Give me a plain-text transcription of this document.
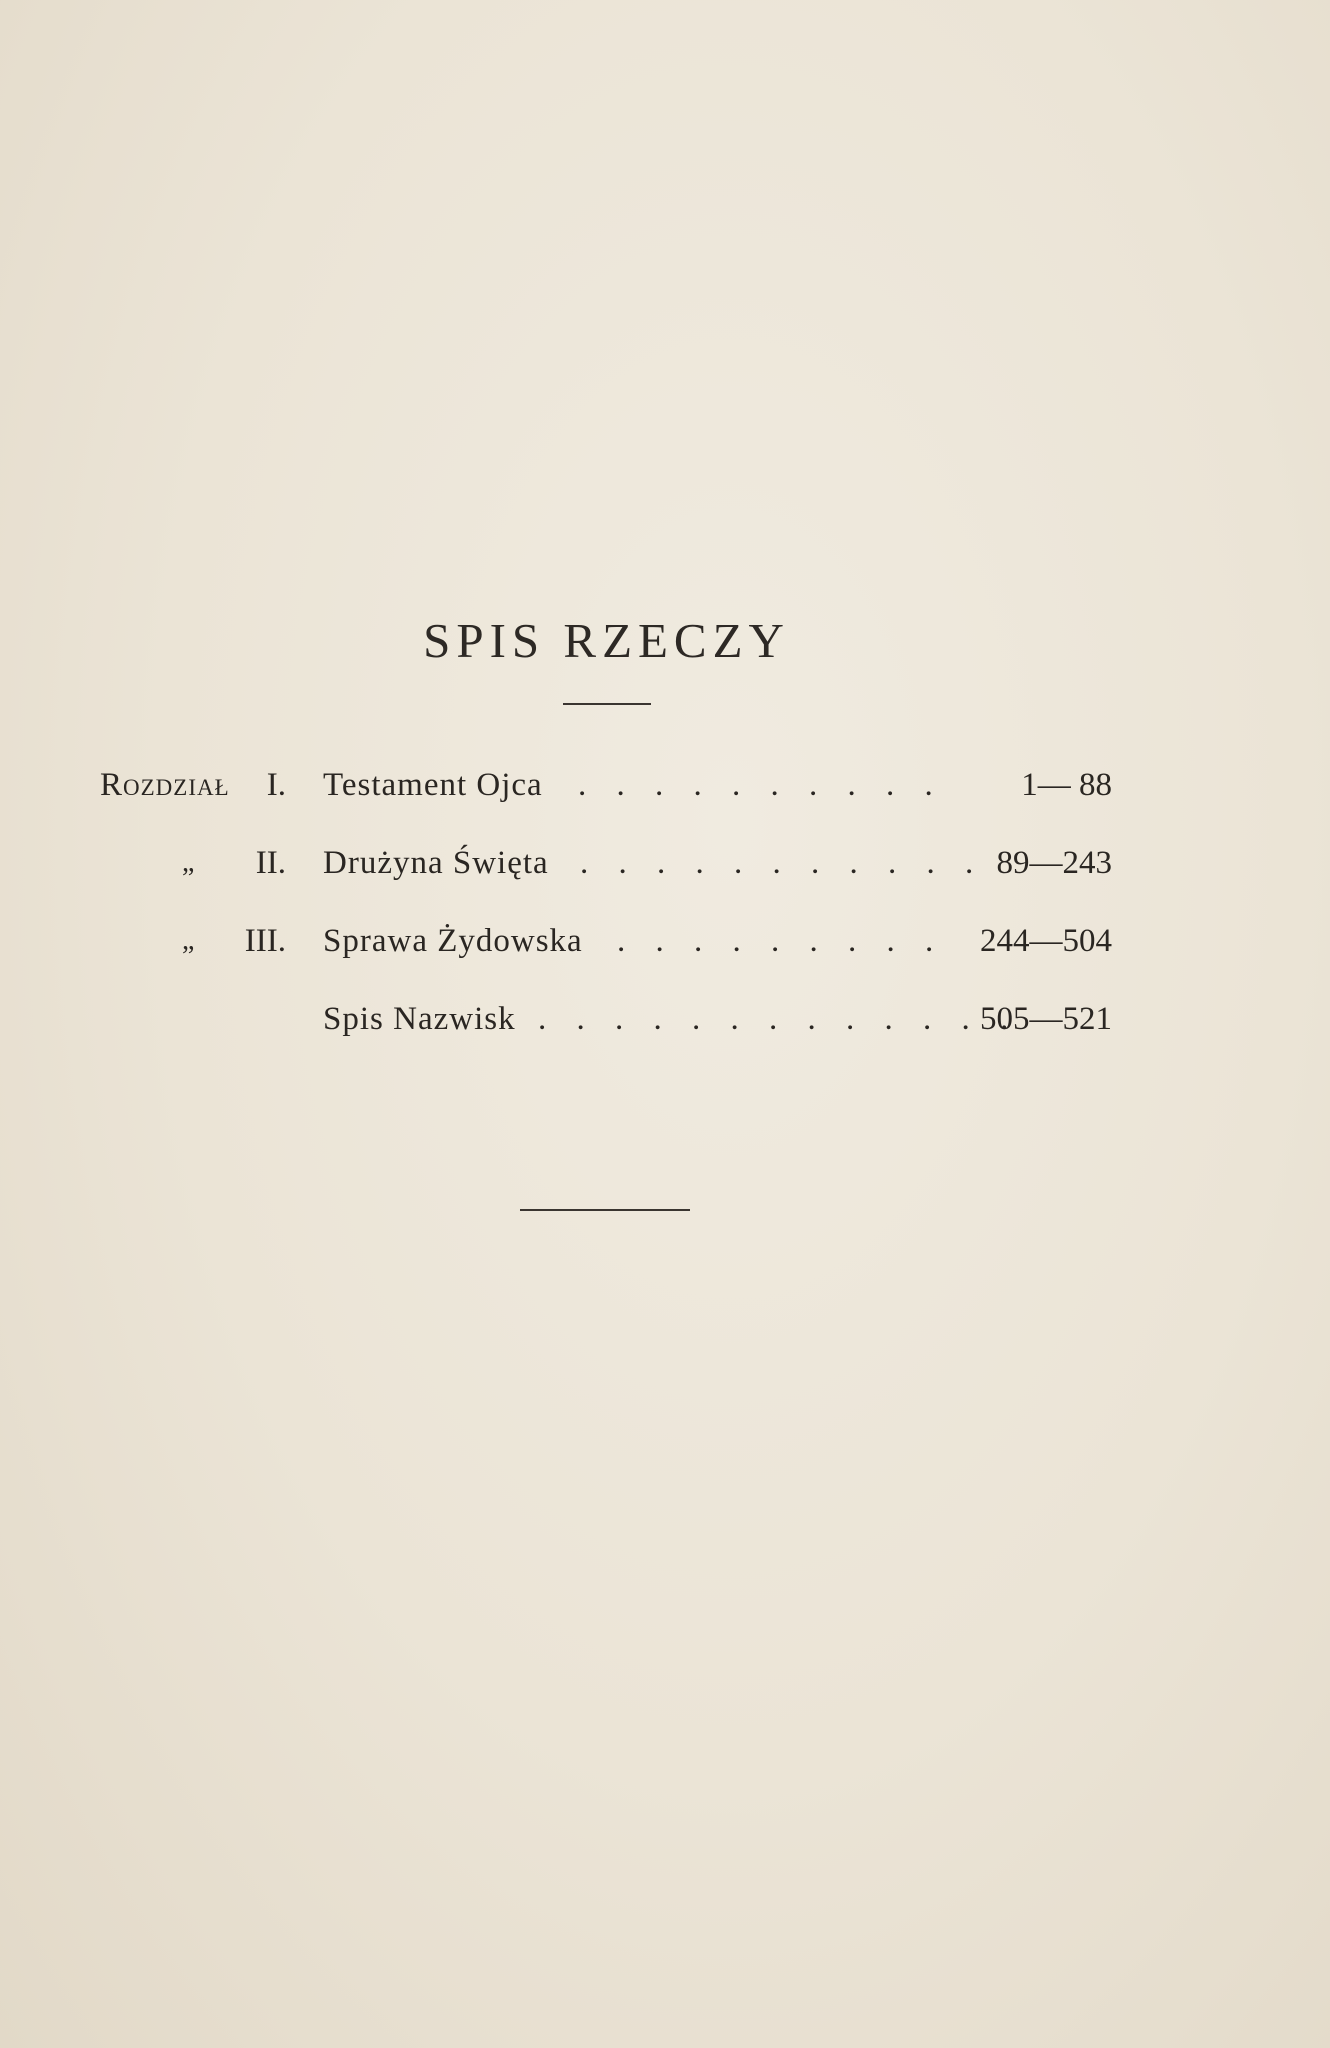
SPIS RZECZY
Rozdział	I. Testament Ojca . . . . . . . . . . 1— 88
„ II. Drużyna Święta . . . . . . . . . . . 89—243
„ III. Sprawa Żydowska . . . . . . . . . 244—504
Spis Nazwisk . . . . . . . . . . . . .
505—521
